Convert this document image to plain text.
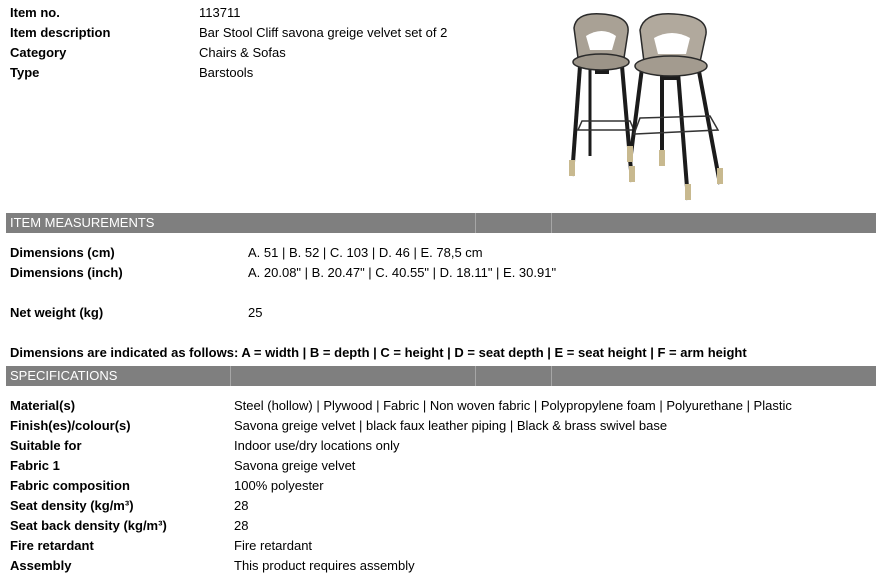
Item no.	113711
Item description	Bar Stool Cliff savona greige velvet set of 2
Category	Chairs & Sofas
Type	Barstools
ITEM MEASUREMENTS
Dimensions (cm)	A. 51 | B. 52 | C. 103 | D. 46 | E. 78,5 cm
Dimensions (inch)	A. 20.08" | B. 20.47" | C. 40.55" | D. 18.11" | E. 30.91"
Net weight (kg)	25
Dimensions are indicated as follows: A = width | B = depth | C = height | D = seat depth | E = seat height | F = arm height
SPECIFICATIONS
Material(s)	Steel (hollow) | Plywood | Fabric | Non woven fabric | Polypropylene foam | Polyurethane | Plastic
Finish(es)/colour(s)	Savona greige velvet | black faux leather piping | Black & brass swivel base
Suitable for	Indoor use/dry locations only
Fabric 1	Savona greige velvet
Fabric composition	100% polyester
Seat density (kg/m³)	28
Seat back density (kg/m³)	28
Fire retardant	Fire retardant
Assembly	This product requires assembly
